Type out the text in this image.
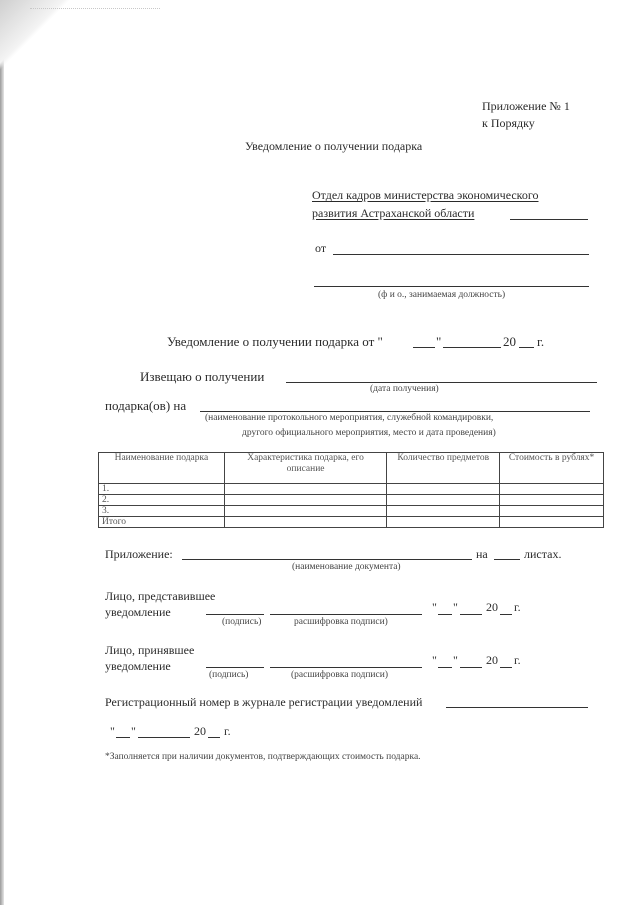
Приложение № 1
к Порядку
Уведомление о получении подарка
Отдел кадров министерства экономического
развития Астраханской области
от
(ф и о., занимаемая должность)
Уведомление о получении подарка от "	"	20 г.
Извещаю о получении
(дата получения)
подарка(ов) на
(наименование протокольного мероприятия, служебной командировки,
другого официального мероприятия, место и дата проведения)
Наименование подарка	Характеристика подарка, его описание	Количество предметов	Стоимость в рублях*
1.			
2.			
3.			
Итого			
Приложение:	на	листах.
(наименование документа)
Лицо, представившее
уведомление	" " 20 г.
(подпись)	расшифровка подписи)
Лицо, принявшее
уведомление	" " 20 г.
(подпись)	(расшифровка подписи)
Регистрационный номер в журнале регистрации уведомлений
" "	20 г.
*Заполняется при наличии документов, подтверждающих стоимость подарка.
